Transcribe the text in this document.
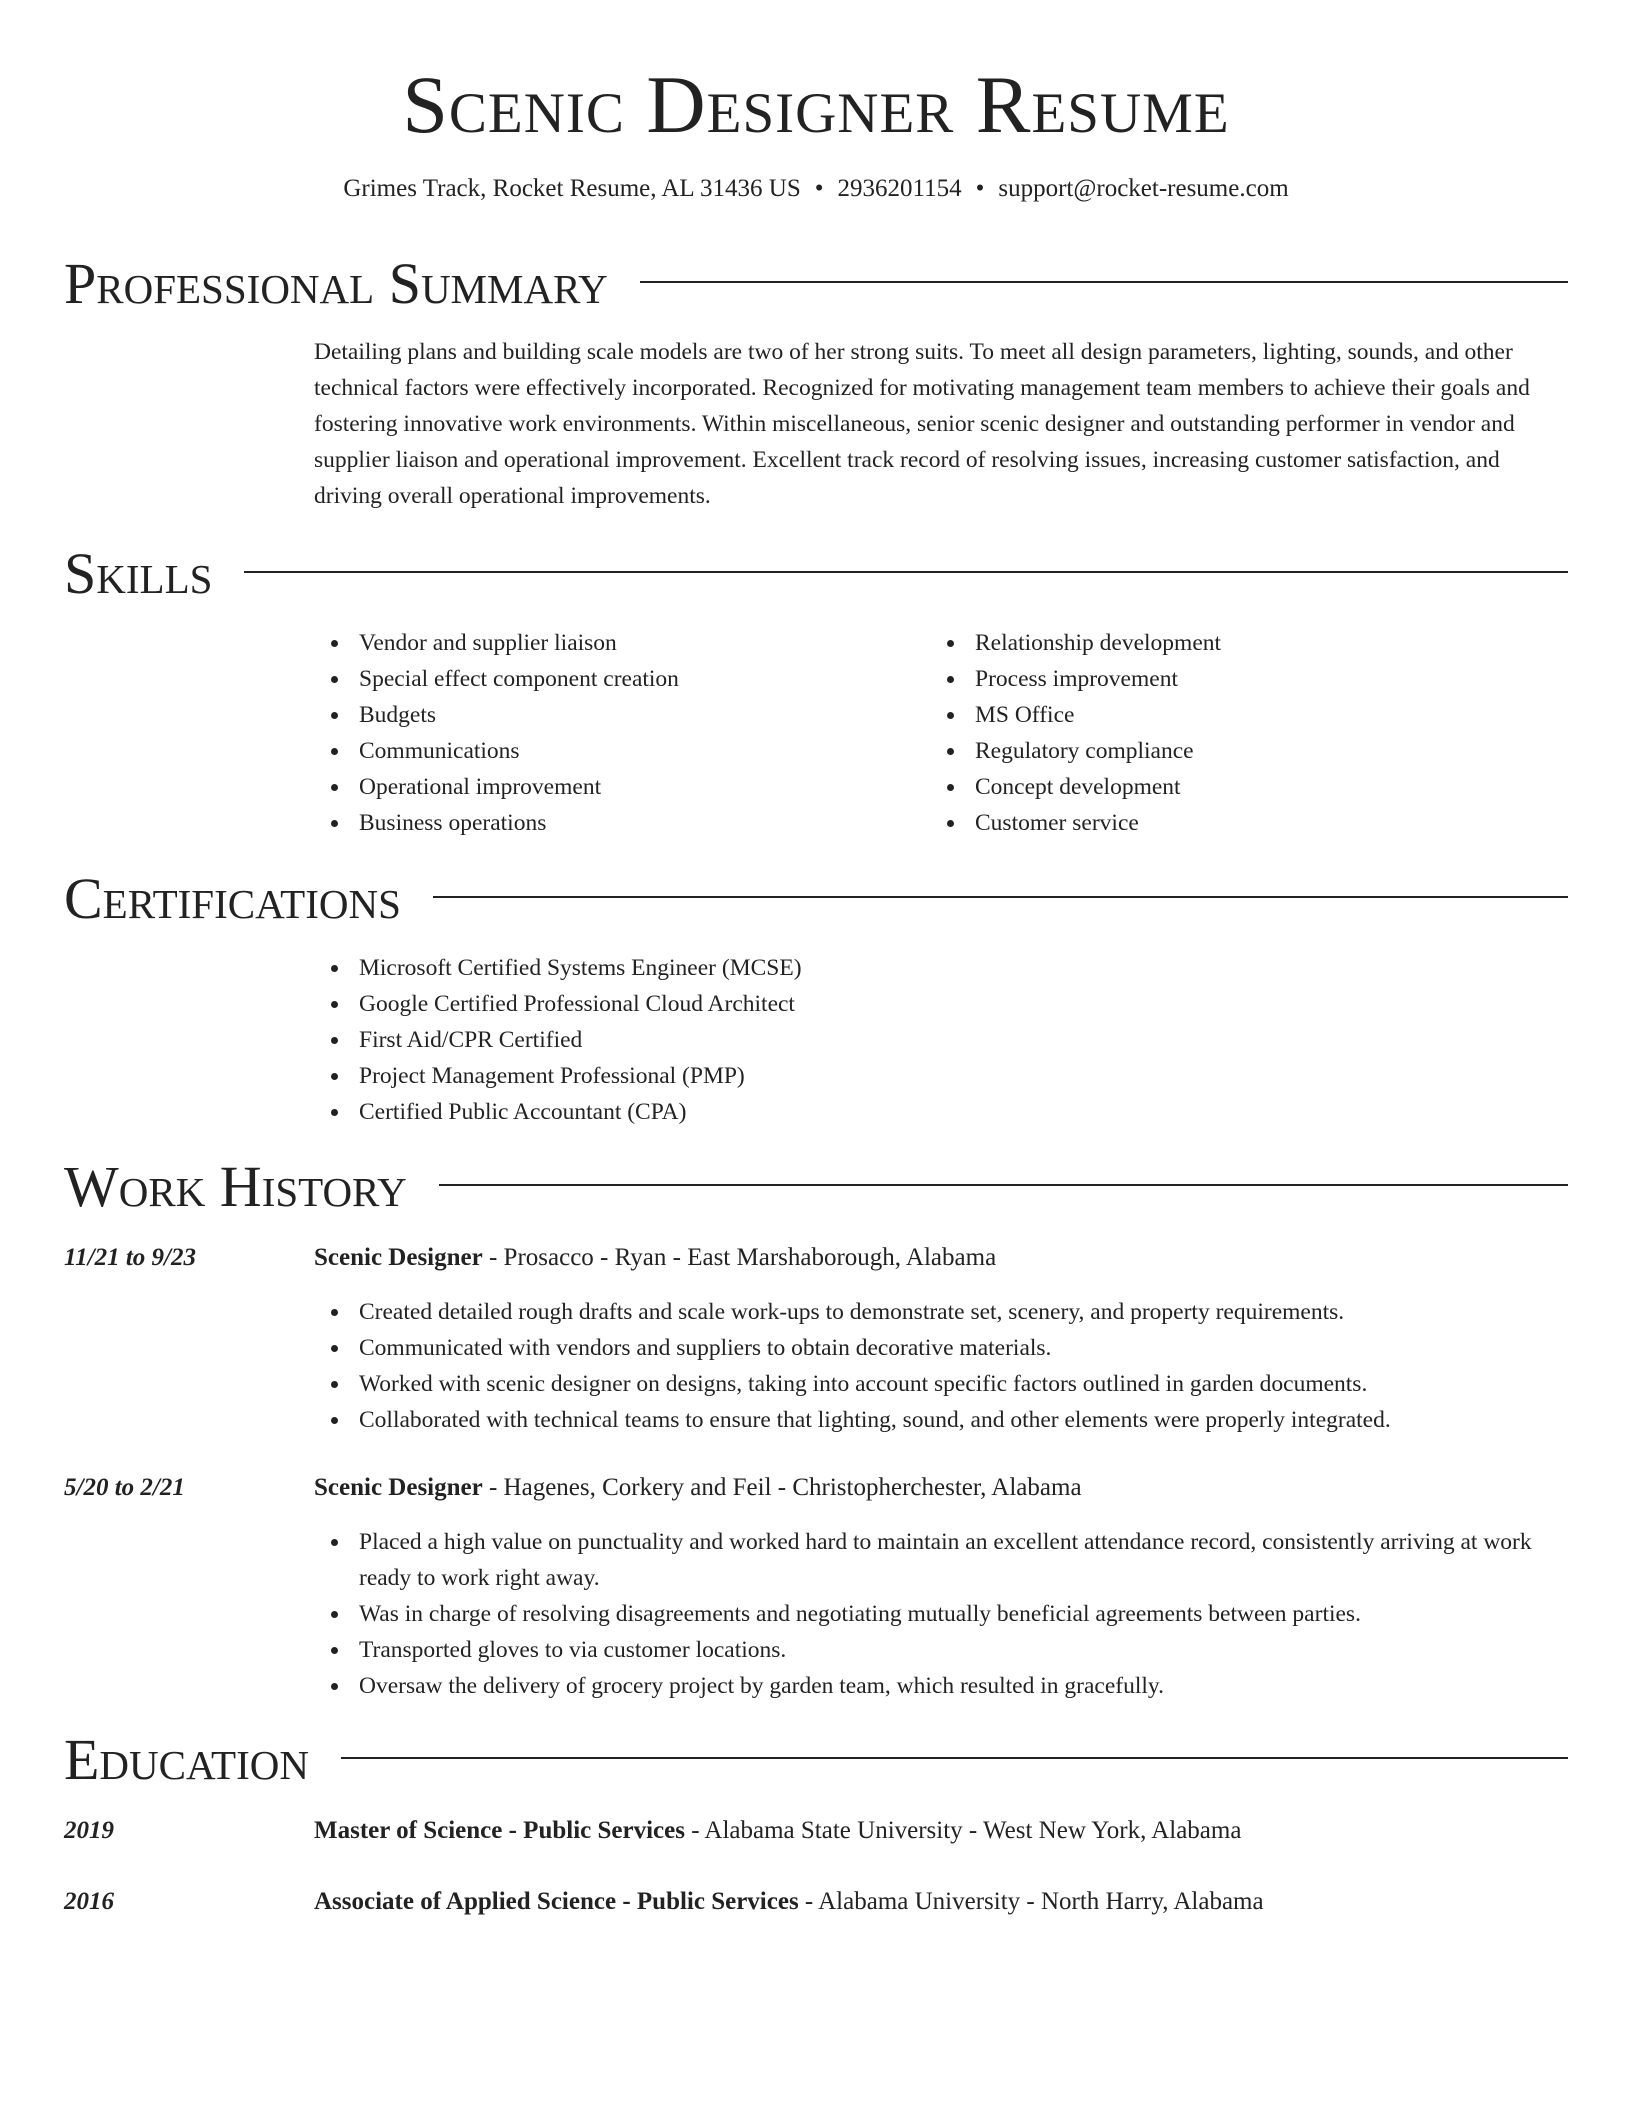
Scenic Designer Resume
Grimes Track, Rocket Resume, AL 31436 US • 2936201154 • support@rocket-resume.com
Professional Summary

Detailing plans and building scale models are two of her strong suits. To meet all design parameters, lighting, sounds, and other technical factors were effectively incorporated. Recognized for motivating management team members to achieve their goals and fostering innovative work environments. Within miscellaneous, senior scenic designer and outstanding performer in vendor and supplier liaison and operational improvement. Excellent track record of resolving issues, increasing customer satisfaction, and driving overall operational improvements.

Skills
Vendor and supplier liaison
Special effect component creation
Budgets
Communications
Operational improvement
Business operations
Relationship development
Process improvement
MS Office
Regulatory compliance
Concept development
Customer service
Certifications
Microsoft Certified Systems Engineer (MCSE)
Google Certified Professional Cloud Architect
First Aid/CPR Certified
Project Management Professional (PMP)
Certified Public Accountant (CPA)
Work History
11/21 to 9/23	Scenic Designer - Prosacco - Ryan - East Marshaborough, Alabama
Created detailed rough drafts and scale work-ups to demonstrate set, scenery, and property requirements.
Communicated with vendors and suppliers to obtain decorative materials.
Worked with scenic designer on designs, taking into account specific factors outlined in garden documents.
Collaborated with technical teams to ensure that lighting, sound, and other elements were properly integrated.
5/20 to 2/21	Scenic Designer - Hagenes, Corkery and Feil - Christopherchester, Alabama
Placed a high value on punctuality and worked hard to maintain an excellent attendance record, consistently arriving at work ready to work right away.
Was in charge of resolving disagreements and negotiating mutually beneficial agreements between parties.
Transported gloves to via customer locations.
Oversaw the delivery of grocery project by garden team, which resulted in gracefully.
Education
2019	Master of Science - Public Services - Alabama State University - West New York, Alabama
2016	Associate of Applied Science - Public Services - Alabama University - North Harry, Alabama
